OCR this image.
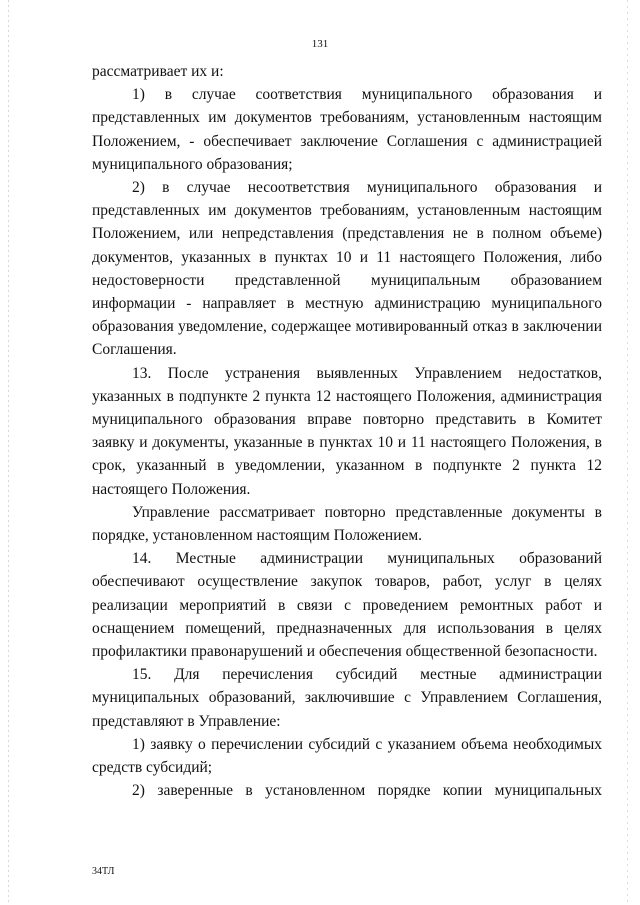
131

рассматривает их и:

1) в случае соответствия муниципального образования и представленных им документов требованиям, установленным настоящим Положением, - обеспечивает заключение Соглашения с администрацией муниципального образования;

2) в случае несоответствия муниципального образования и представленных им документов требованиям, установленным настоящим Положением, или непредставления (представления не в полном объеме) документов, указанных в пунктах 10 и 11 настоящего Положения, либо недостоверности представленной муниципальным образованием информации - направляет в местную администрацию муниципального образования уведомление, содержащее мотивированный отказ в заключении Соглашения.

13. После устранения выявленных Управлением недостатков, указанных в подпункте 2 пункта 12 настоящего Положения, администрация муниципального образования вправе повторно представить в Комитет заявку и документы, указанные в пунктах 10 и 11 настоящего Положения, в срок, указанный в уведомлении, указанном в подпункте 2 пункта 12 настоящего Положения.

Управление рассматривает повторно представленные документы в порядке, установленном настоящим Положением.

14. Местные администрации муниципальных образований обеспечивают осуществление закупок товаров, работ, услуг в целях реализации мероприятий в связи с проведением ремонтных работ и оснащением помещений, предназначенных для использования в целях профилактики правонарушений и обеспечения общественной безопасности.

15. Для перечисления субсидий местные администрации муниципальных образований, заключившие с Управлением Соглашения, представляют в Управление:

1) заявку о перечислении субсидий с указанием объема необходимых средств субсидий;

2) заверенные в установленном порядке копии муниципальных

34ТЛ
